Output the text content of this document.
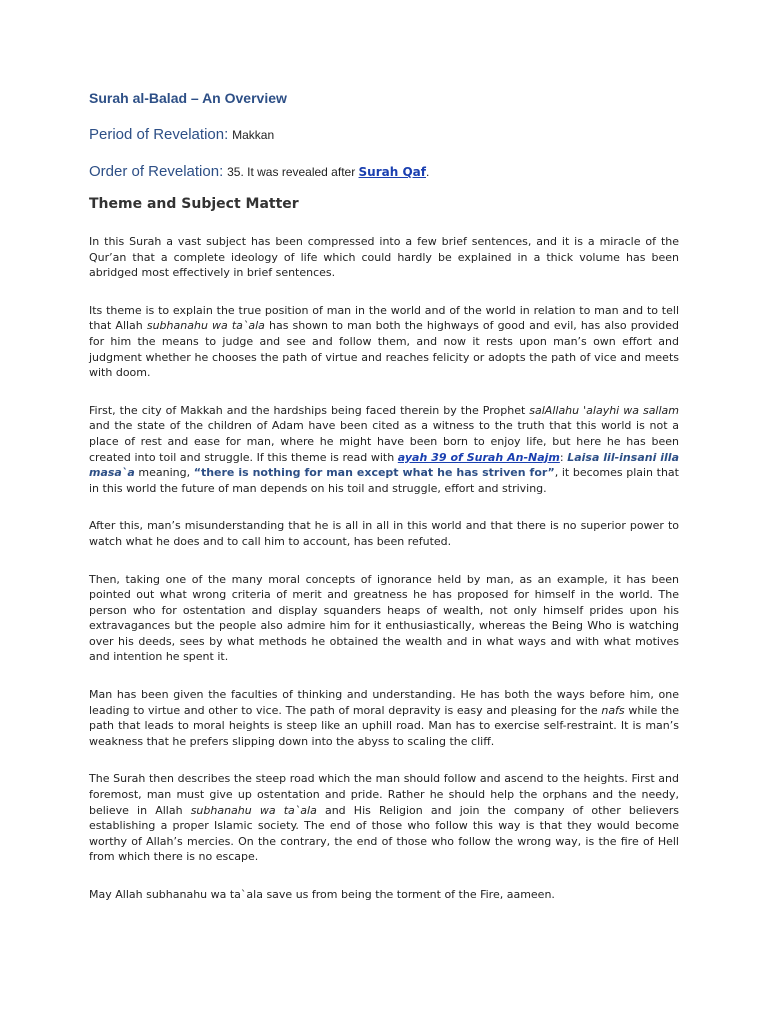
Surah al-Balad – An Overview
Period of Revelation: Makkan
Order of Revelation: 35. It was revealed after Surah Qaf.
Theme and Subject Matter

In this Surah a vast subject has been compressed into a few brief sentences, and it is a miracle of the Qur’an that a complete ideology of life which could hardly be explained in a thick volume has been abridged most effectively in brief sentences.

Its theme is to explain the true position of man in the world and of the world in relation to man and to tell that Allah subhanahu wa ta`ala has shown to man both the highways of good and evil, has also provided for him the means to judge and see and follow them, and now it rests upon man’s own effort and judgment whether he chooses the path of virtue and reaches felicity or adopts the path of vice and meets with doom.

First, the city of Makkah and the hardships being faced therein by the Prophet salAllahu 'alayhi wa sallam and the state of the children of Adam have been cited as a witness to the truth that this world is not a place of rest and ease for man, where he might have been born to enjoy life, but here he has been created into toil and struggle. If this theme is read with ayah 39 of Surah An-Najm: Laisa lil-insani illa masa`a meaning, “there is nothing for man except what he has striven for”, it becomes plain that in this world the future of man depends on his toil and struggle, effort and striving.

After this, man’s misunderstanding that he is all in all in this world and that there is no superior power to watch what he does and to call him to account, has been refuted.

Then, taking one of the many moral concepts of ignorance held by man, as an example, it has been pointed out what wrong criteria of merit and greatness he has proposed for himself in the world. The person who for ostentation and display squanders heaps of wealth, not only himself prides upon his extravagances but the people also admire him for it enthusiastically, whereas the Being Who is watching over his deeds, sees by what methods he obtained the wealth and in what ways and with what motives and intention he spent it.

Man has been given the faculties of thinking and understanding. He has both the ways before him, one leading to virtue and other to vice. The path of moral depravity is easy and pleasing for the nafs while the path that leads to moral heights is steep like an uphill road. Man has to exercise self-restraint. It is man’s weakness that he prefers slipping down into the abyss to scaling the cliff.

The Surah then describes the steep road which the man should follow and ascend to the heights. First and foremost, man must give up ostentation and pride. Rather he should help the orphans and the needy, believe in Allah subhanahu wa ta`ala and His Religion and join the company of other believers establishing a proper Islamic society. The end of those who follow this way is that they would become worthy of Allah’s mercies. On the contrary, the end of those who follow the wrong way, is the fire of Hell from which there is no escape.

May Allah subhanahu wa ta`ala save us from being the torment of the Fire, aameen.
